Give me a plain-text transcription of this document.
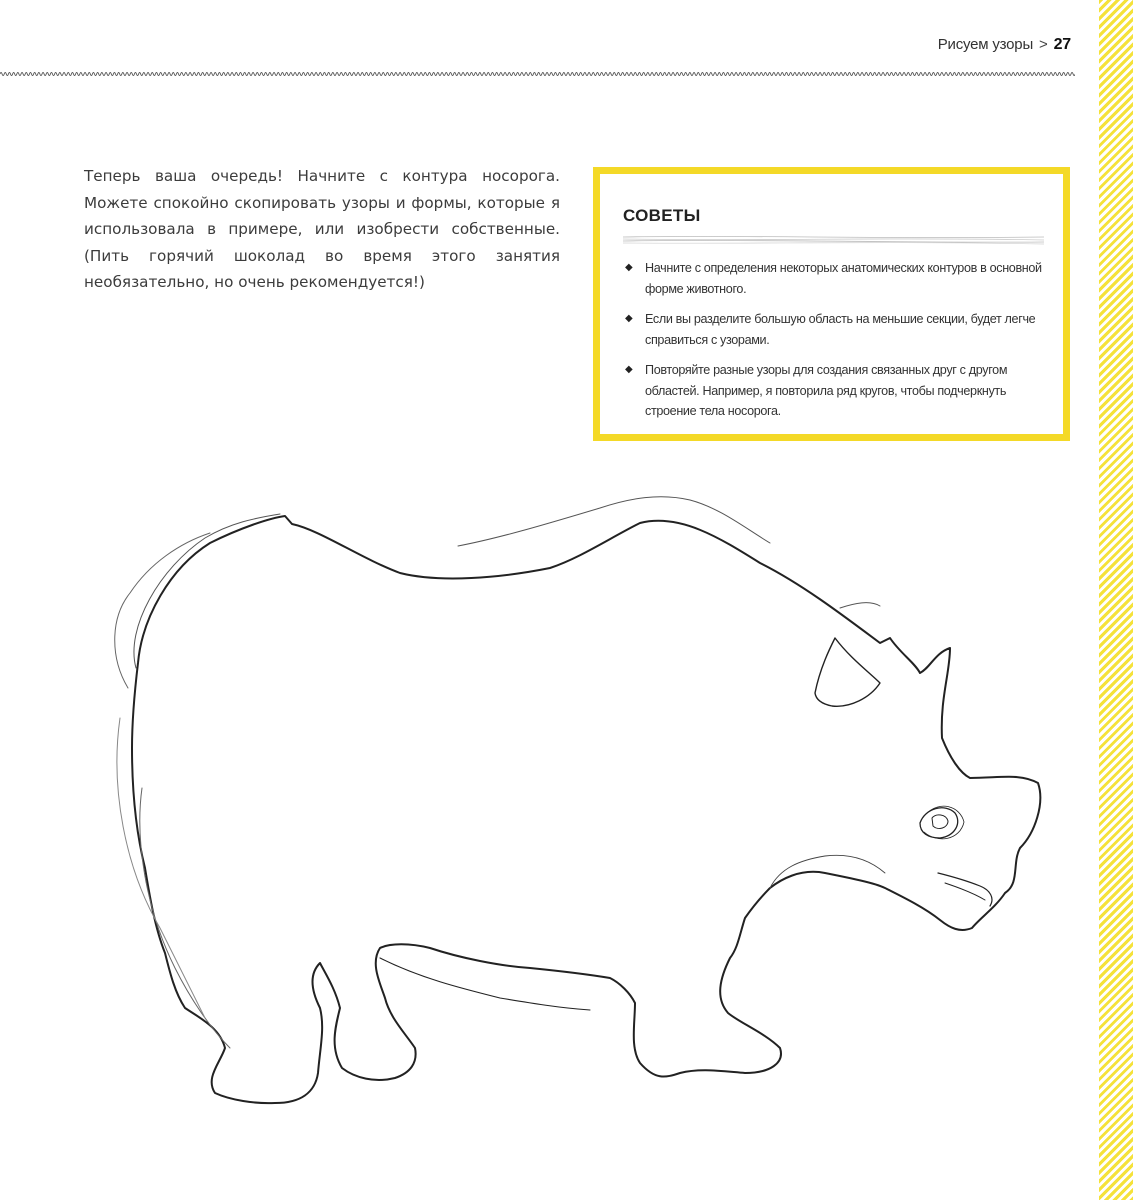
Рисуем узоры > 27

Теперь ваша очередь! Начните с контура носорога. Можете спокойно скопировать узоры и формы, которые я использовала в примере, или изобрести собственные. (Пить горячий шоколад во время этого занятия необязательно, но очень рекомендуется!)

СОВЕТЫ
◆ Начните с определения некоторых анатомических контуров в основной форме животного.
◆ Если вы разделите большую область на меньшие секции, будет легче справиться с узорами.
◆ Повторяйте разные узоры для создания связанных друг с другом областей. Например, я повторила ряд кругов, чтобы подчеркнуть строение тела носорога.
